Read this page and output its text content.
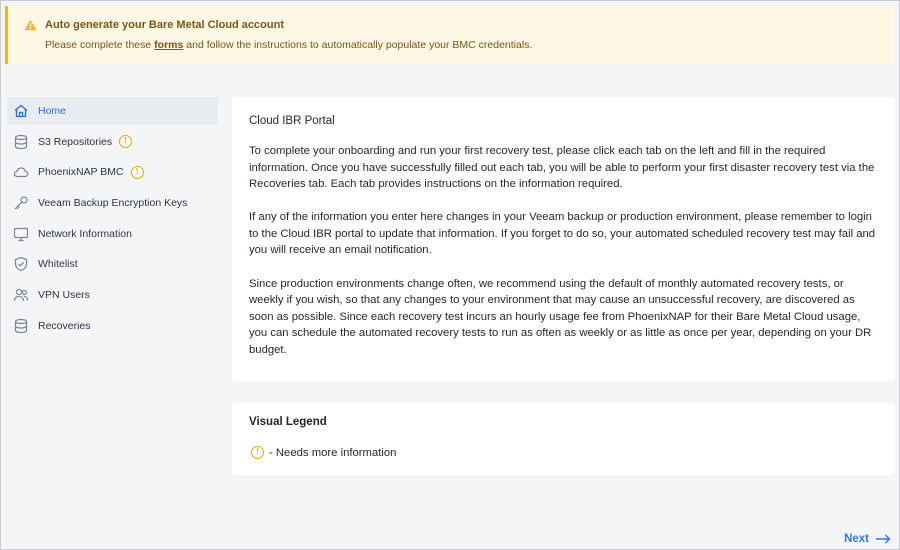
Auto generate your Bare Metal Cloud account
Please complete these forms and follow the instructions to automatically populate your BMC credentials.
Home
S3 Repositories	!
PhoenixNAP BMC	!
Veeam Backup Encryption Keys
Network Information
Whitelist
VPN Users
Recoveries
Cloud IBR Portal

To complete your onboarding and run your first recovery test, please click each tab on the left and fill in the required information. Once you have successfully filled out each tab, you will be able to perform your first disaster recovery test via the Recoveries tab. Each tab provides instructions on the information required.

If any of the information you enter here changes in your Veeam backup or production environment, please remember to login to the Cloud IBR portal to update that information. If you forget to do so, your automated scheduled recovery test may fail and you will receive an email notification.

Since production environments change often, we recommend using the default of monthly automated recovery tests, or weekly if you wish, so that any changes to your environment that may cause an unsuccessful recovery, are discovered as soon as possible. Since each recovery test incurs an hourly usage fee from PhoenixNAP for their Bare Metal Cloud usage, you can schedule the automated recovery tests to run as often as weekly or as little as once per year, depending on your DR budget.

Visual Legend
! - Needs more information
Next
